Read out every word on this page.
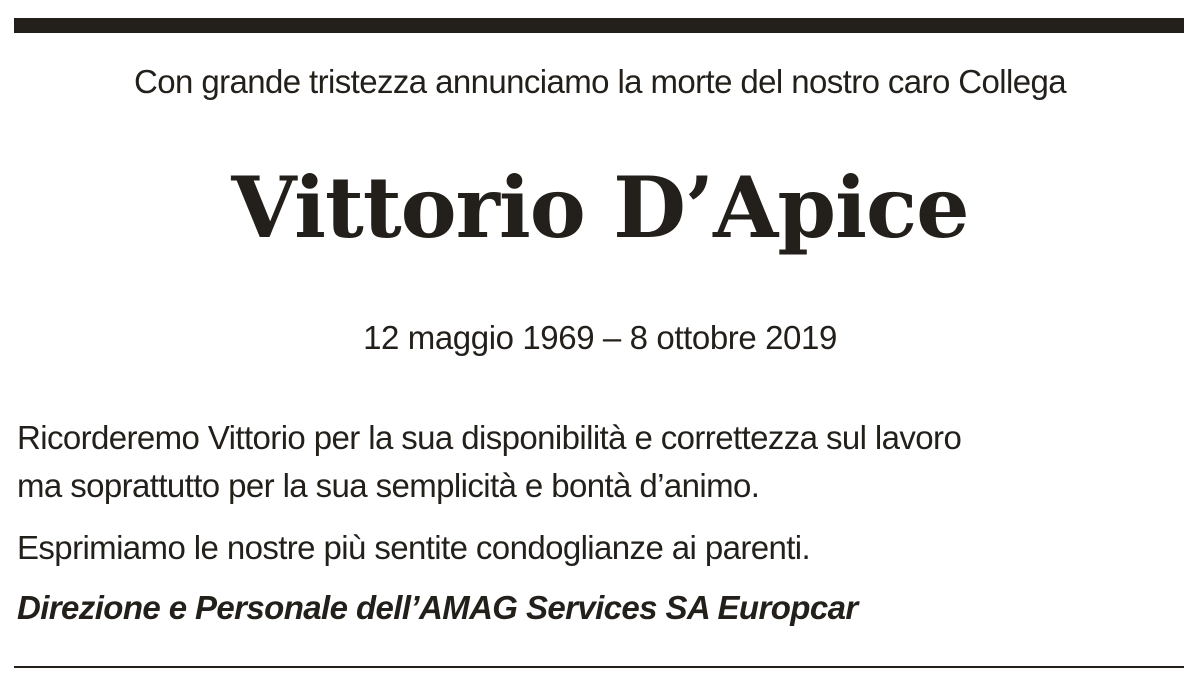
Con grande tristezza annunciamo la morte del nostro caro Collega
Vittorio D’Apice
12 maggio 1969 – 8 ottobre 2019
Ricorderemo Vittorio per la sua disponibilità e correttezza sul lavoro
ma soprattutto per la sua semplicità e bontà d’animo.
Esprimiamo le nostre più sentite condoglianze ai parenti.
Direzione e Personale dell’AMAG Services SA Europcar
